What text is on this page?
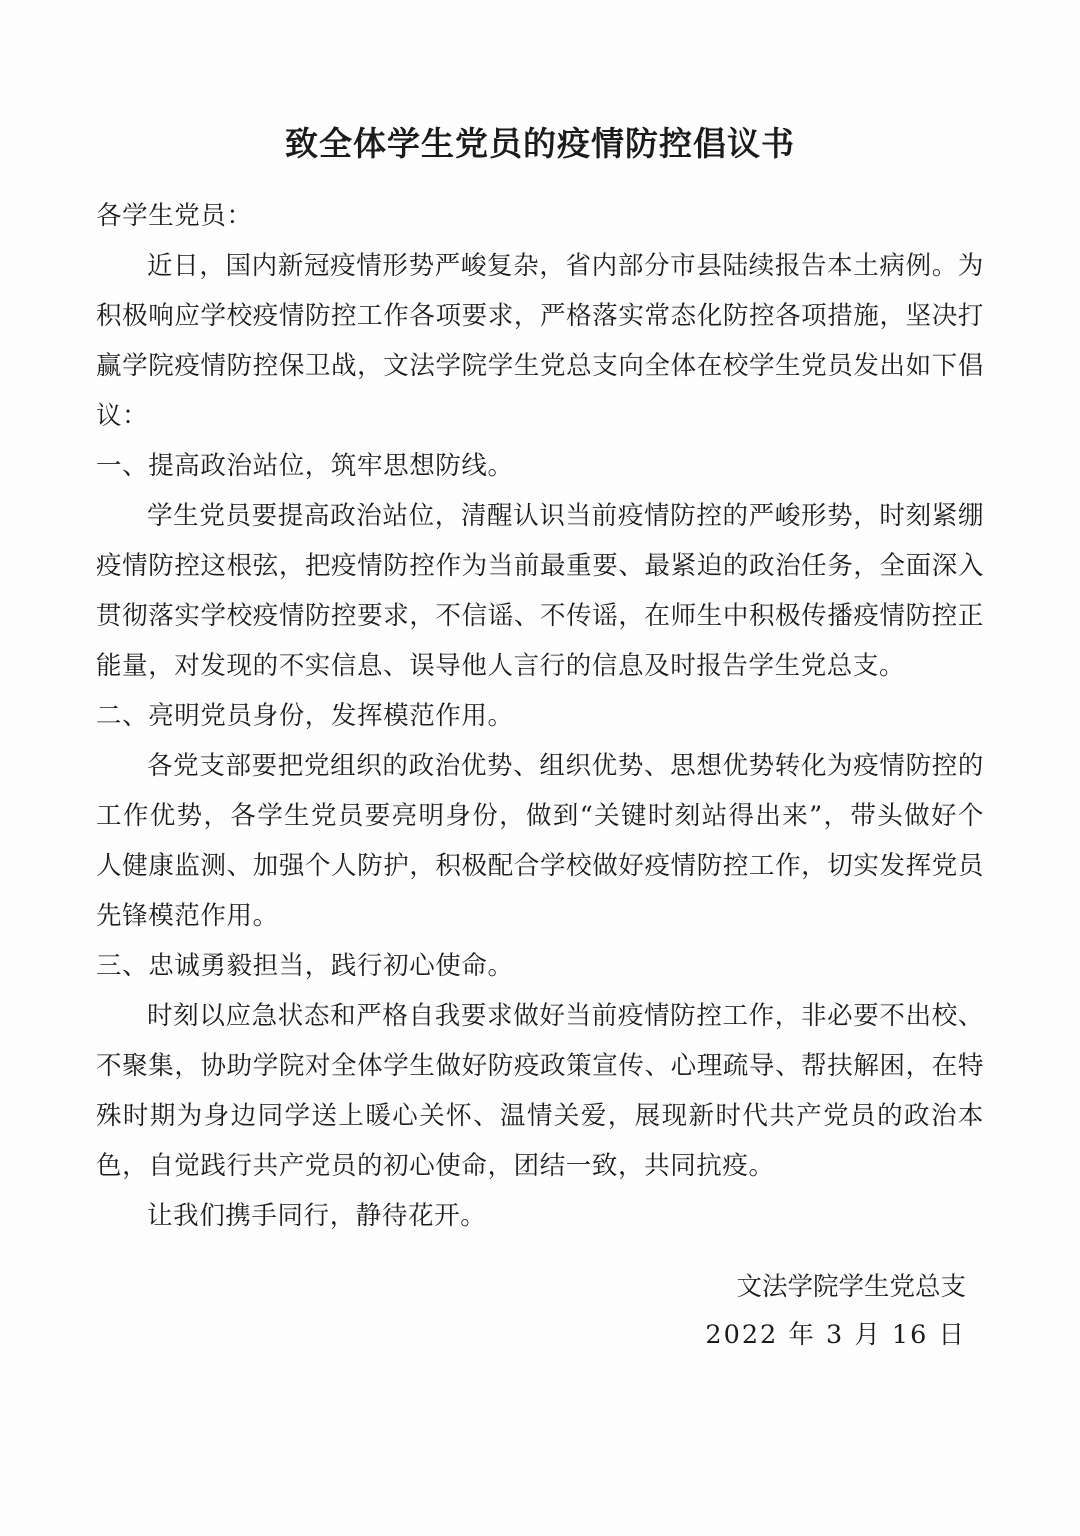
致全体学生党员的疫情防控倡议书

各学生党员：

近日，国内新冠疫情形势严峻复杂，省内部分市县陆续报告本土病例。为积极响应学校疫情防控工作各项要求，严格落实常态化防控各项措施，坚决打赢学院疫情防控保卫战，文法学院学生党总支向全体在校学生党员发出如下倡议：

一、提高政治站位，筑牢思想防线。

学生党员要提高政治站位，清醒认识当前疫情防控的严峻形势，时刻紧绷疫情防控这根弦，把疫情防控作为当前最重要、最紧迫的政治任务，全面深入贯彻落实学校疫情防控要求，不信谣、不传谣，在师生中积极传播疫情防控正能量，对发现的不实信息、误导他人言行的信息及时报告学生党总支。

二、亮明党员身份，发挥模范作用。

各党支部要把党组织的政治优势、组织优势、思想优势转化为疫情防控的工作优势，各学生党员要亮明身份，做到“关键时刻站得出来”，带头做好个人健康监测、加强个人防护，积极配合学校做好疫情防控工作，切实发挥党员先锋模范作用。

三、忠诚勇毅担当，践行初心使命。

时刻以应急状态和严格自我要求做好当前疫情防控工作，非必要不出校、不聚集，协助学院对全体学生做好防疫政策宣传、心理疏导、帮扶解困，在特殊时期为身边同学送上暖心关怀、温情关爱，展现新时代共产党员的政治本色，自觉践行共产党员的初心使命，团结一致，共同抗疫。

让我们携手同行，静待花开。

文法学院学生党总支
2022 年 3 月 16 日
